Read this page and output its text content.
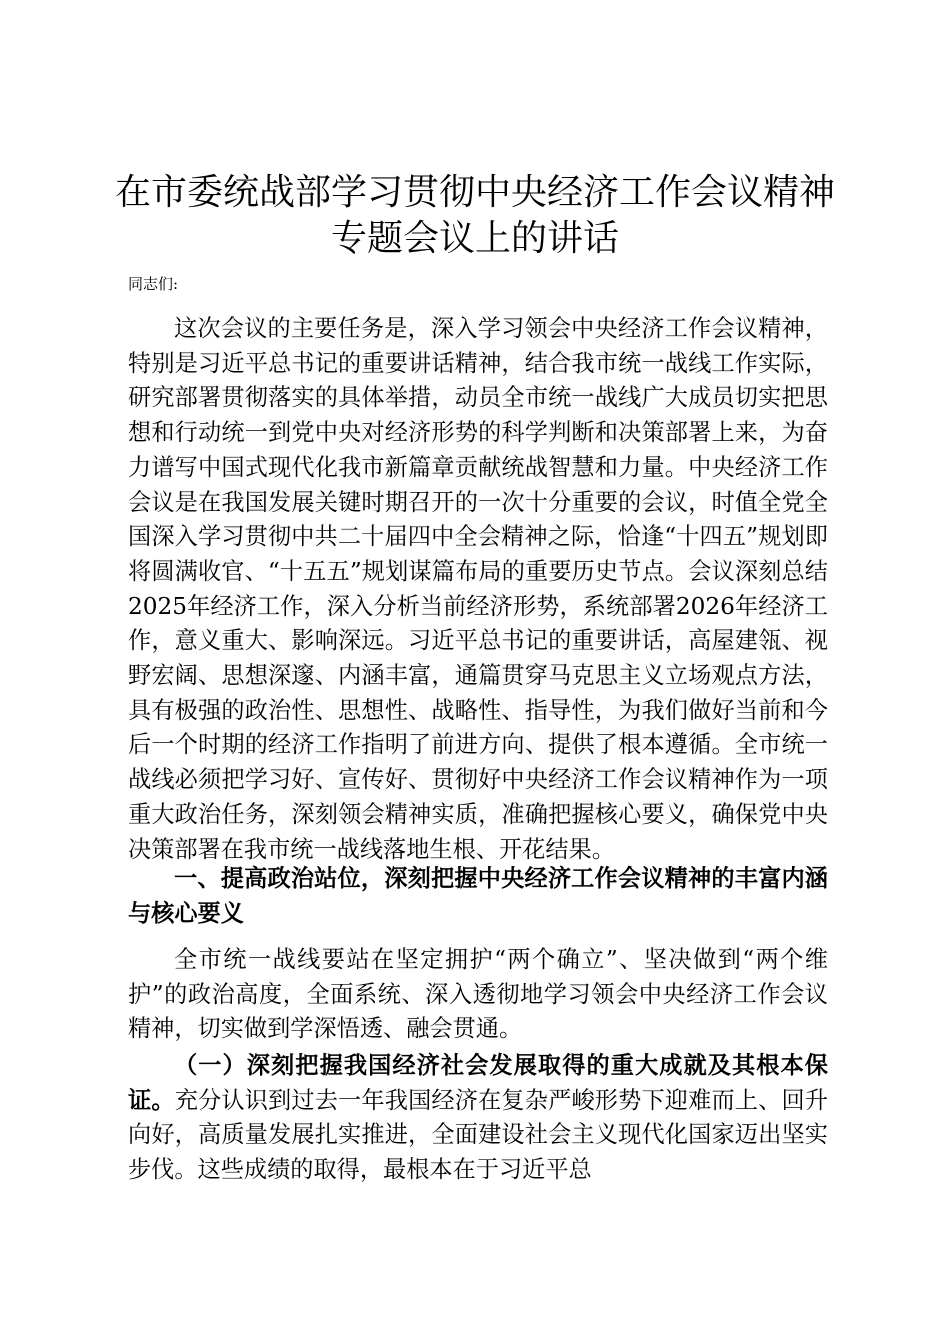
在市委统战部学习贯彻中央经济工作会议精神
专题会议上的讲话
同志们:

这次会议的主要任务是，深入学习领会中央经济工作会议精神，特别是习近平总书记的重要讲话精神，结合我市统一战线工作实际，研究部署贯彻落实的具体举措，动员全市统一战线广大成员切实把思想和行动统一到党中央对经济形势的科学判断和决策部署上来，为奋力谱写中国式现代化我市新篇章贡献统战智慧和力量。中央经济工作会议是在我国发展关键时期召开的一次十分重要的会议，时值全党全国深入学习贯彻中共二十届四中全会精神之际，恰逢“十四五”规划即将圆满收官、“十五五”规划谋篇布局的重要历史节点。会议深刻总结2025年经济工作，深入分析当前经济形势，系统部署2026年经济工作，意义重大、影响深远。习近平总书记的重要讲话，高屋建瓴、视野宏阔、思想深邃、内涵丰富，通篇贯穿马克思主义立场观点方法，具有极强的政治性、思想性、战略性、指导性，为我们做好当前和今后一个时期的经济工作指明了前进方向、提供了根本遵循。全市统一战线必须把学习好、宣传好、贯彻好中央经济工作会议精神作为一项重大政治任务，深刻领会精神实质，准确把握核心要义，确保党中央决策部署在我市统一战线落地生根、开花结果。

一、提高政治站位，深刻把握中央经济工作会议精神的丰富内涵与核心要义

全市统一战线要站在坚定拥护“两个确立”、坚决做到“两个维护”的政治高度，全面系统、深入透彻地学习领会中央经济工作会议精神，切实做到学深悟透、融会贯通。

（一）深刻把握我国经济社会发展取得的重大成就及其根本保证。充分认识到过去一年我国经济在复杂严峻形势下迎难而上、回升向好，高质量发展扎实推进，全面建设社会主义现代化国家迈出坚实步伐。这些成绩的取得，最根本在于习近平总
